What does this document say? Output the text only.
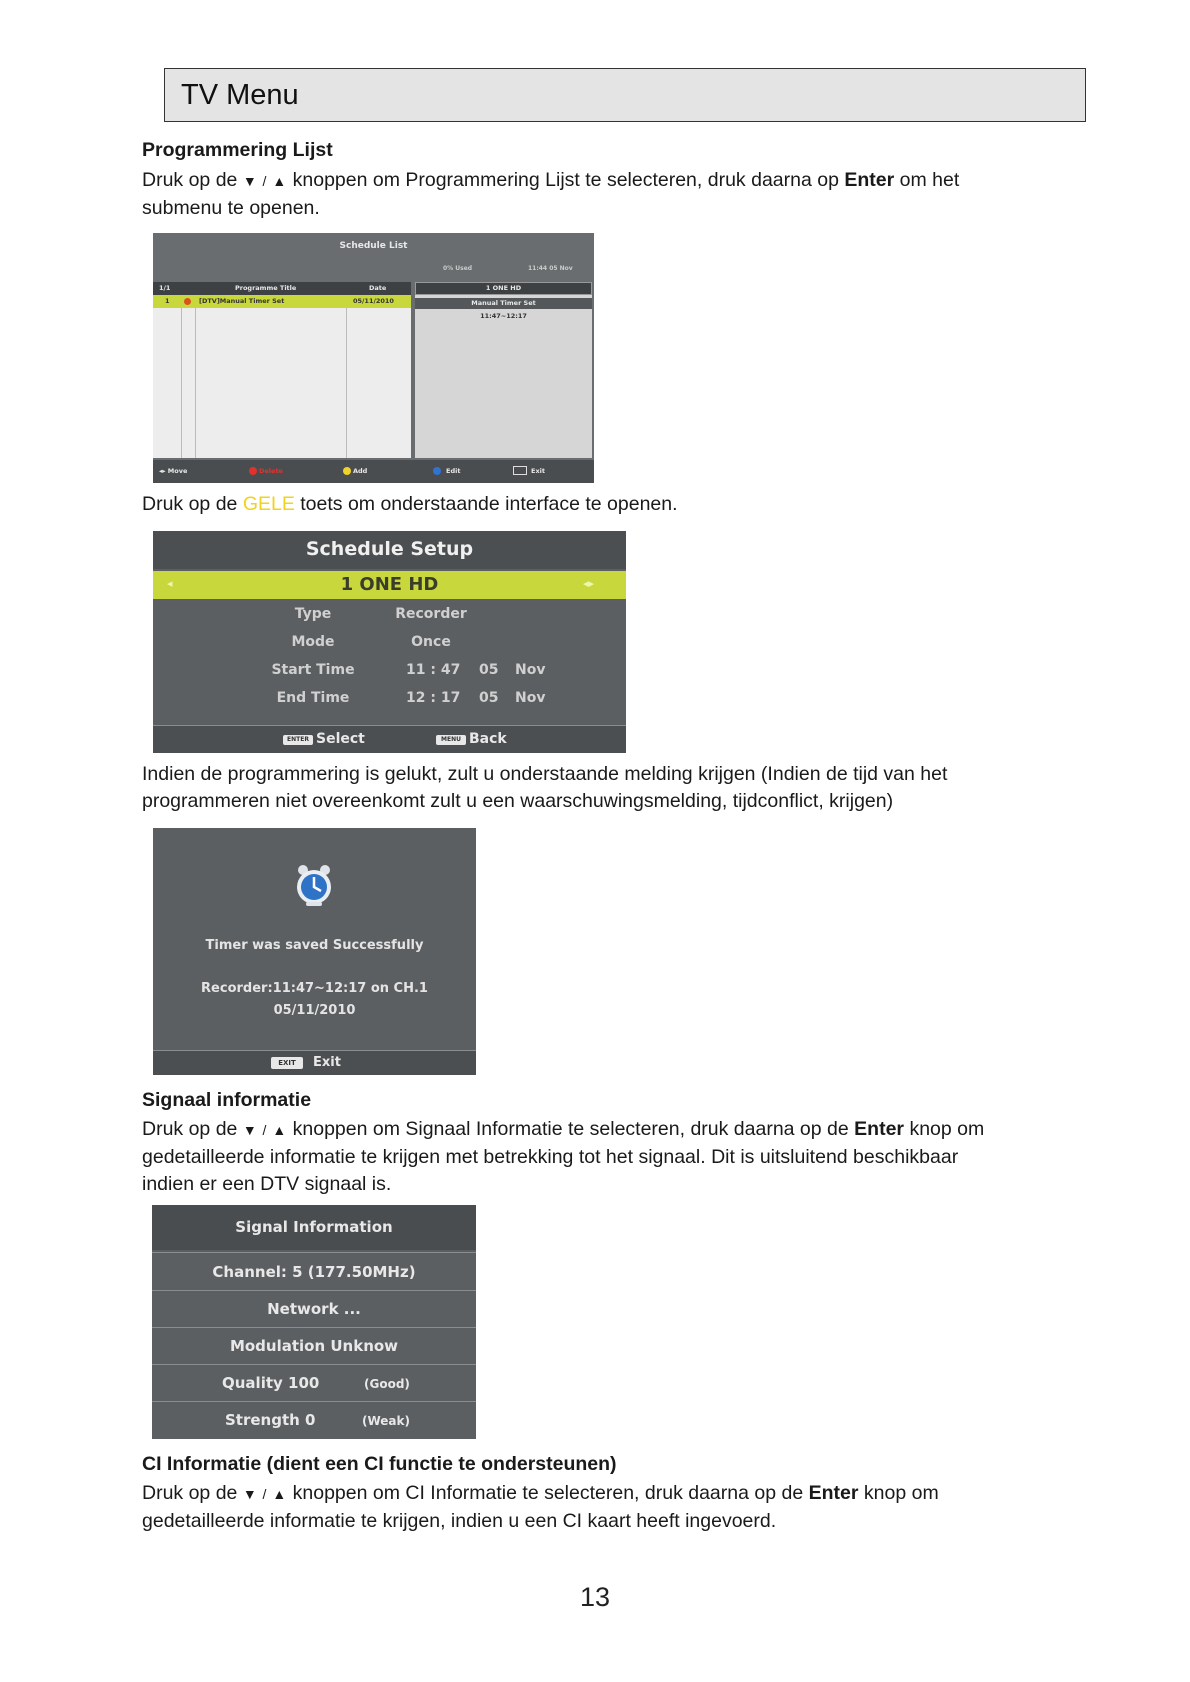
TV Menu
Programmering Lijst
Druk op de ▼ / ▲ knoppen om Programmering Lijst te selecteren, druk daarna op Enter om het
submenu te openen.
Schedule List
0% Used	11:44 05 Nov
1/1	Programme Title	Date
1	[DTV]Manual Timer Set	05/11/2010
1 ONE HD
Manual Timer Set
11:47~12:17
◂▸ Move	Delete	Add	Edit	Exit
Druk op de GELE toets om onderstaande interface te openen.
Schedule Setup
◂	1 ONE HD	◂▸
Type	Recorder
Mode	Once
Start Time	11 : 47 05 Nov
End Time	12 : 17 05 Nov
ENTER Select	MENU Back
Indien de programmering is gelukt, zult u onderstaande melding krijgen (Indien de tijd van het
programmeren niet overeenkomt zult u een waarschuwingsmelding, tijdconflict, krijgen)
Timer was saved Successfully
Recorder:11:47~12:17 on CH.1
05/11/2010
EXIT	Exit
Signaal informatie
Druk op de ▼ / ▲ knoppen om Signaal Informatie te selecteren, druk daarna op de Enter knop om
gedetailleerde informatie te krijgen met betrekking tot het signaal. Dit is uitsluitend beschikbaar
indien er een DTV signaal is.
Signal Information
Channel: 5 (177.50MHz)
Network ...
Modulation Unknow
Quality 100	(Good)
Strength 0	(Weak)
CI Informatie (dient een CI functie te ondersteunen)
Druk op de ▼ / ▲ knoppen om CI Informatie te selecteren, druk daarna op de Enter knop om
gedetailleerde informatie te krijgen, indien u een CI kaart heeft ingevoerd.
13
